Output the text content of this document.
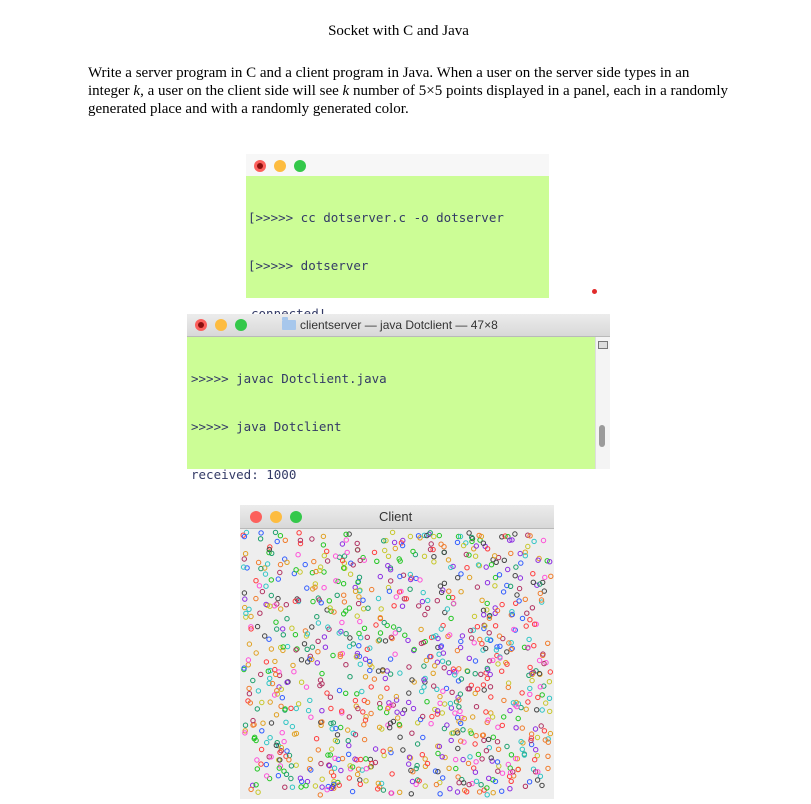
Socket with C and Java
Write a server program in C and a client program in Java. When a user on the server side types in an integer k, a user on the client side will see k number of 5×5 points displayed in a panel, each in a randomly generated place and with a randomly generated color.

[>>>>> cc dotserver.c -o dotserver

[>>>>> dotserver

clientserver — java Dotclient — 47×8

>>>>> javac Dotclient.java

>>>>> java Dotclient

received: 1000

Client
